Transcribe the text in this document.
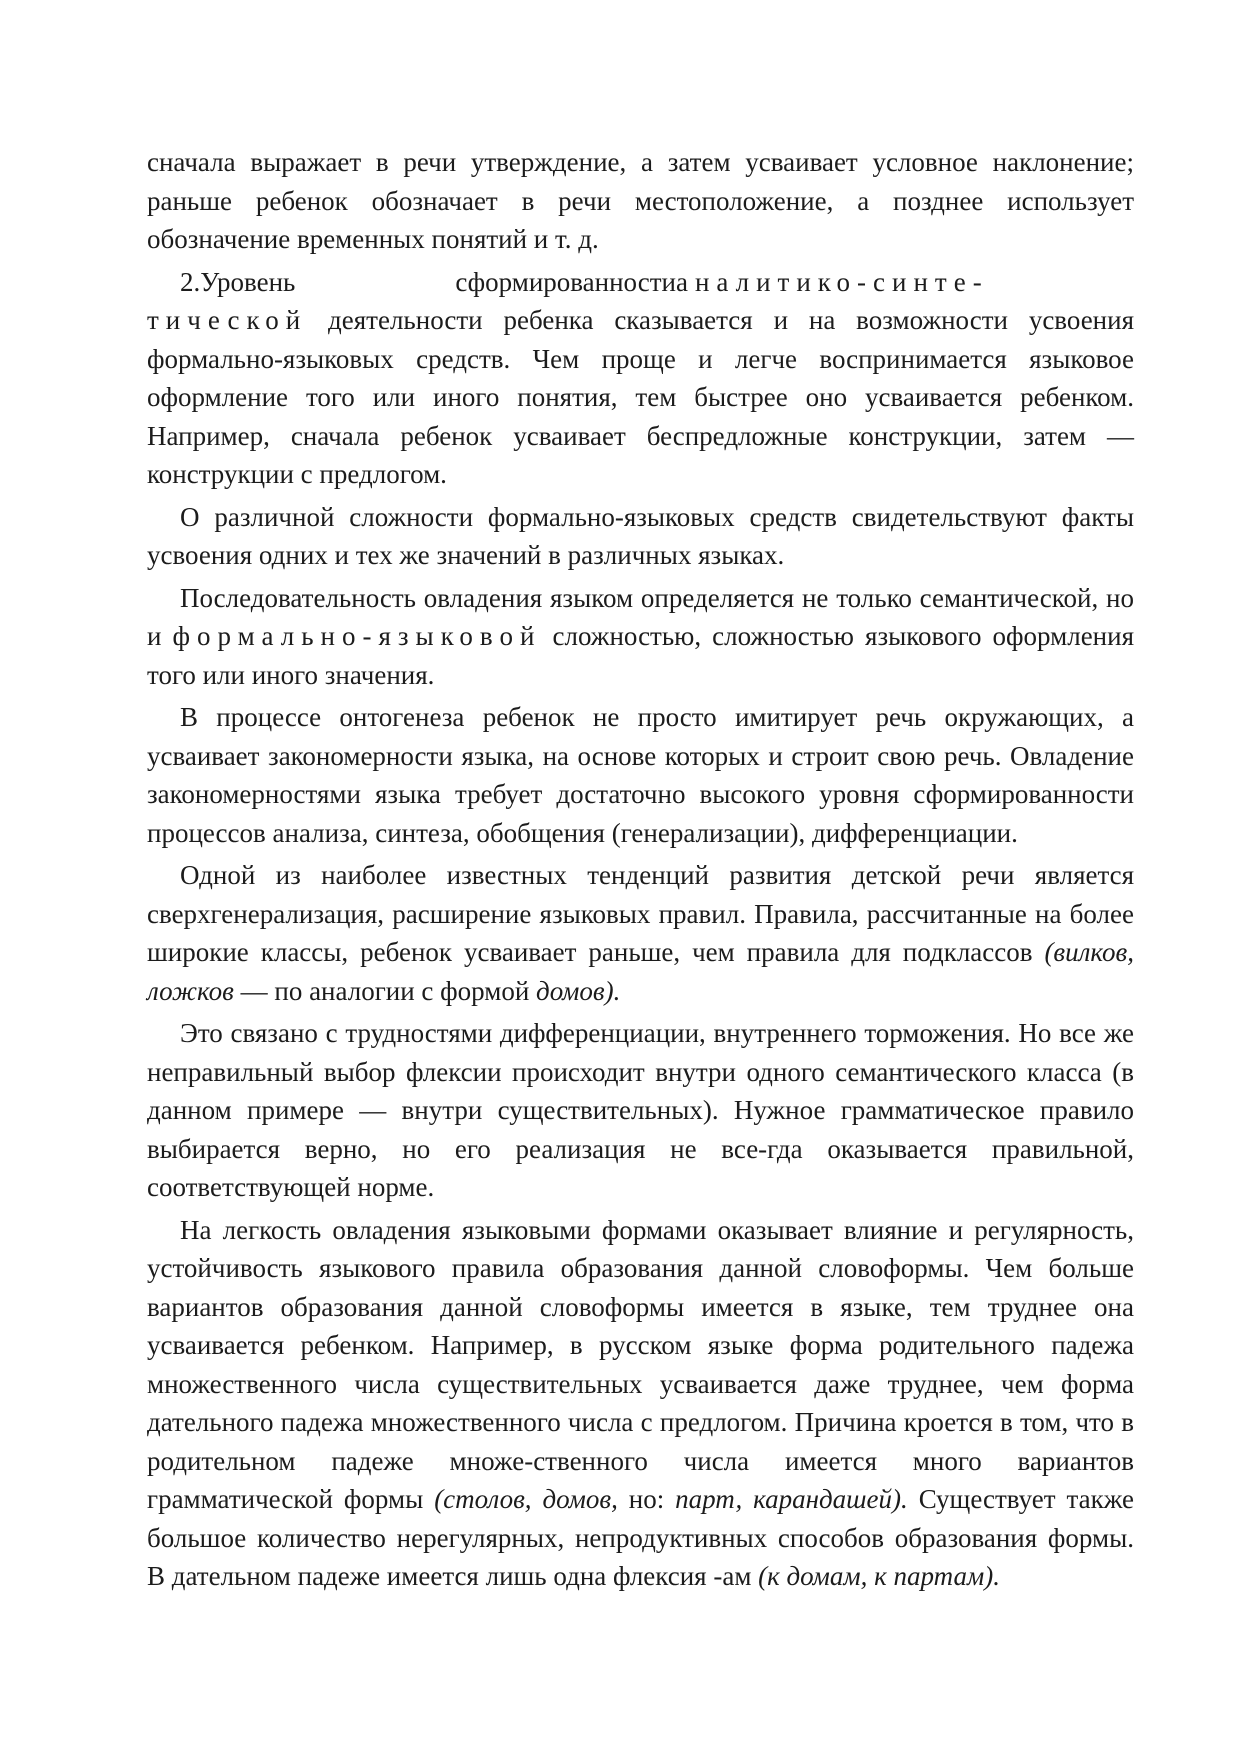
сначала выражает в речи утверждение, а затем усваивает условное наклонение; раньше ребенок обозначает в речи местоположение, а позднее использует обозначение временных понятий и т. д.

2.Уровень	сформированностианалитико-синте-тической деятельности ребенка сказывается и на возможности усвоения формально-языковых средств. Чем проще и легче воспринимается языковое оформление того или иного понятия, тем быстрее оно усваивается ребенком. Например, сначала ребенок усваивает беспредложные конструкции, затем — конструкции с предлогом.

О различной сложности формально-языковых средств свидетельствуют факты усвоения одних и тех же значений в различных языках.

Последовательность овладения языком определяется не только семантической, но и формально-языковой сложностью, сложностью языкового оформления того или иного значения.

В процессе онтогенеза ребенок не просто имитирует речь окружающих, а усваивает закономерности языка, на основе которых и строит свою речь. Овладение закономерностями языка требует достаточно высокого уровня сформированности процессов анализа, синтеза, обобщения (генерализации), дифференциации.

Одной из наиболее известных тенденций развития детской речи является сверхгенерализация, расширение языковых правил. Правила, рассчитанные на более широкие классы, ребенок усваивает раньше, чем правила для подклассов (вилков, ложков — по аналогии с формой домов).

Это связано с трудностями дифференциации, внутреннего торможения. Но все же неправильный выбор флексии происходит внутри одного семантического класса (в данном примере — внутри существительных). Нужное грамматическое правило выбирается верно, но его реализация не все-гда оказывается правильной, соответствующей норме.

На легкость овладения языковыми формами оказывает влияние и регулярность, устойчивость языкового правила образования данной словоформы. Чем больше вариантов образования данной словоформы имеется в языке, тем труднее она усваивается ребенком. Например, в русском языке форма родительного падежа множественного числа существительных усваивается даже труднее, чем форма дательного падежа множественного числа с предлогом. Причина кроется в том, что в родительном падеже множе-ственного числа имеется много вариантов грамматической формы (столов, домов, но: парт, карандашей). Существует также большое количество нерегулярных, непродуктивных способов образования формы. В дательном падеже имеется лишь одна флексия -ам (к домам, к партам).
